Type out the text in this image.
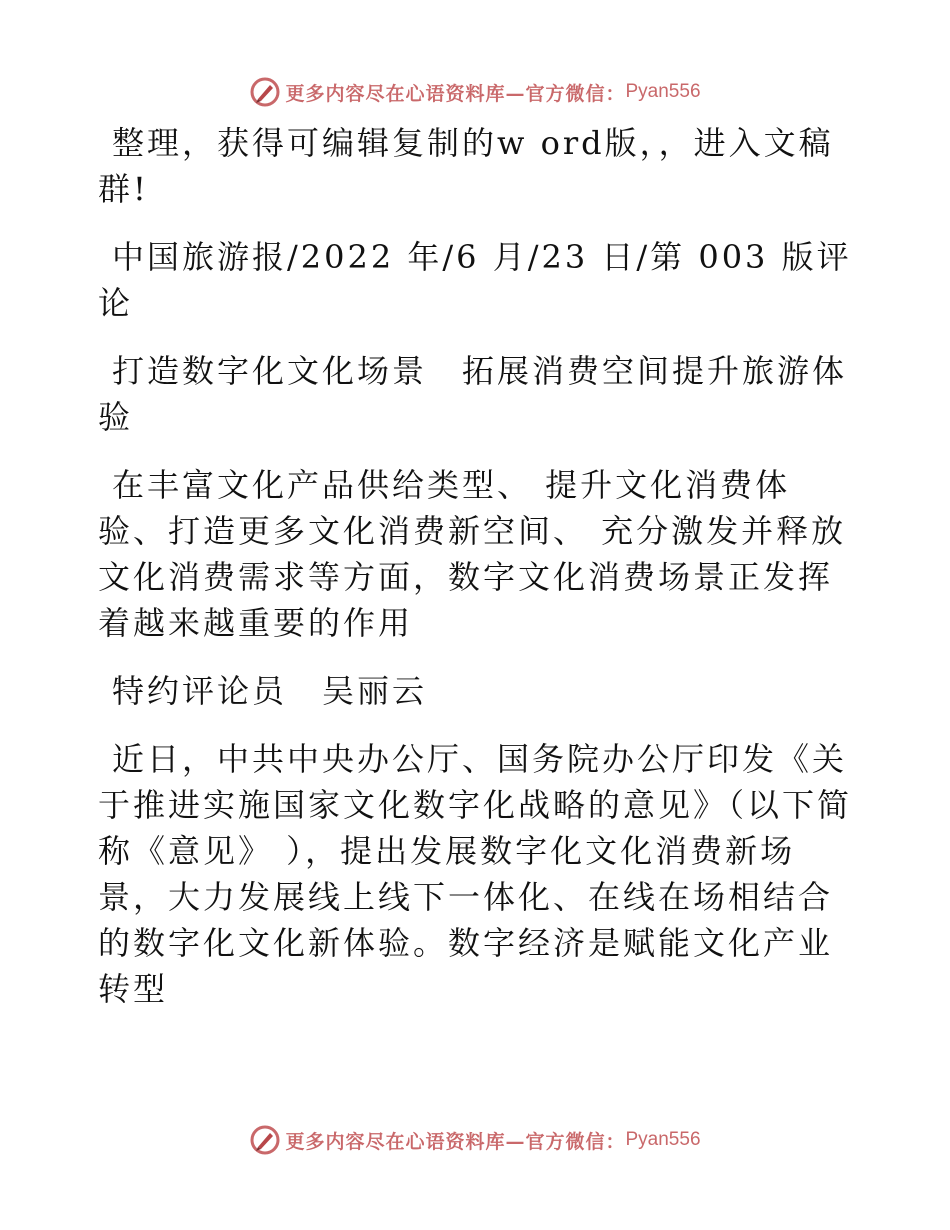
更多内容尽在心语资料库—官方微信： Pyan556

整理，获得可编辑复制的w ord版，，进入文稿群!

中国旅游报/2022 年/6 月/23 日/第 003 版评论

打造数字化文化场景　拓展消费空间提升旅游体验

在丰富文化产品供给类型、 提升文化消费体验、打造更多文化消费新空间、 充分激发并释放文化消费需求等方面，数字文化消费场景正发挥着越来越重要的作用

特约评论员　吴丽云

近日，中共中央办公厅、国务院办公厅印发《关于推进实施国家文化数字化战略的意见》（以下简称《意见》 ），提出发展数字化文化消费新场景，大力发展线上线下一体化、在线在场相结合的数字化文化新体验。数字经济是赋能文化产业转型

更多内容尽在心语资料库—官方微信： Pyan556
